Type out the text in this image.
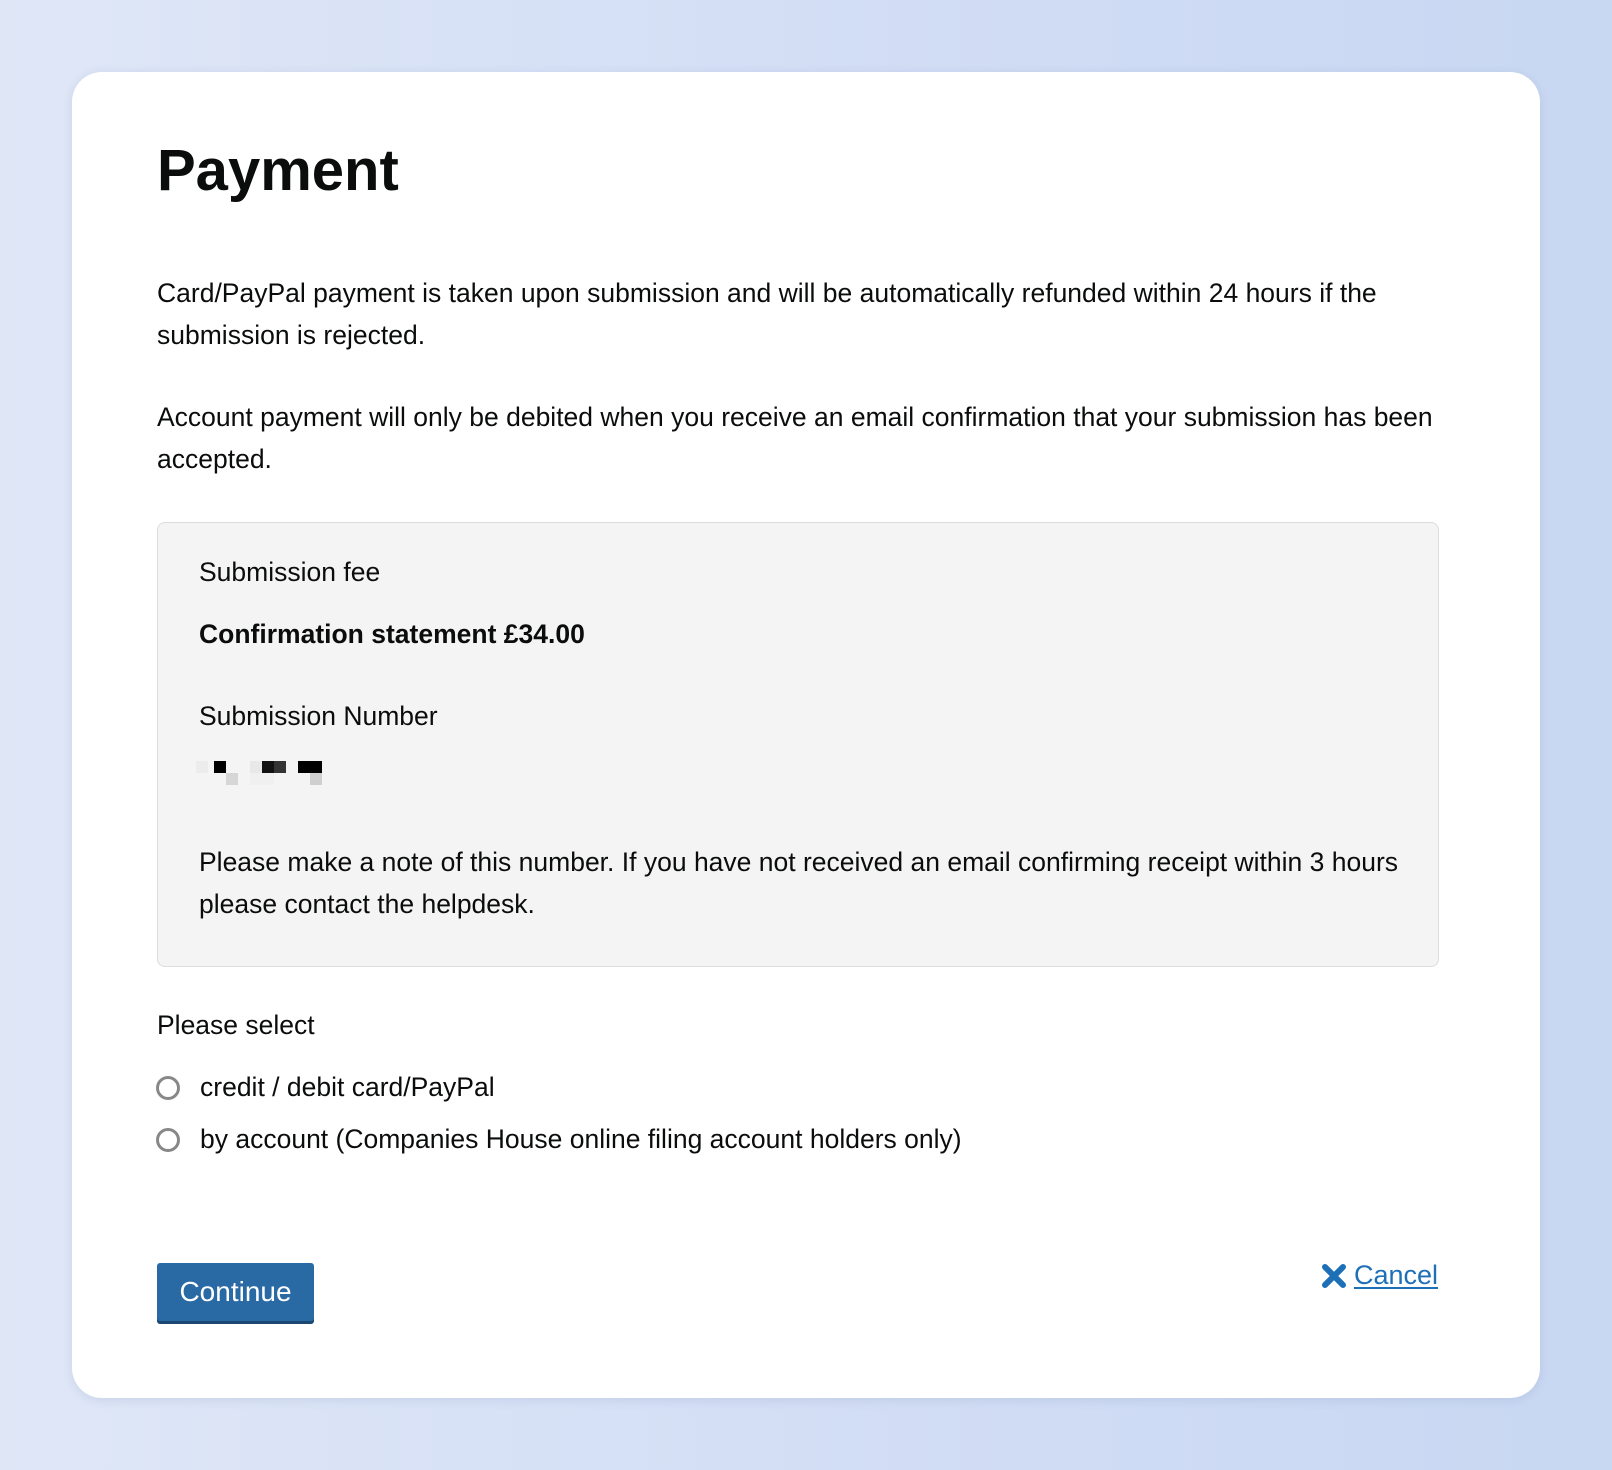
Payment

Card/PayPal payment is taken upon submission and will be automatically refunded within 24 hours if the submission is rejected.

Account payment will only be debited when you receive an email confirmation that your submission has been accepted.

Submission fee
Confirmation statement £34.00
Submission Number
Please make a note of this number. If you have not received an email confirming receipt within 3 hours please contact the helpdesk.
Please select
credit / debit card/PayPal
by account (Companies House online filing account holders only)
Continue
Cancel
